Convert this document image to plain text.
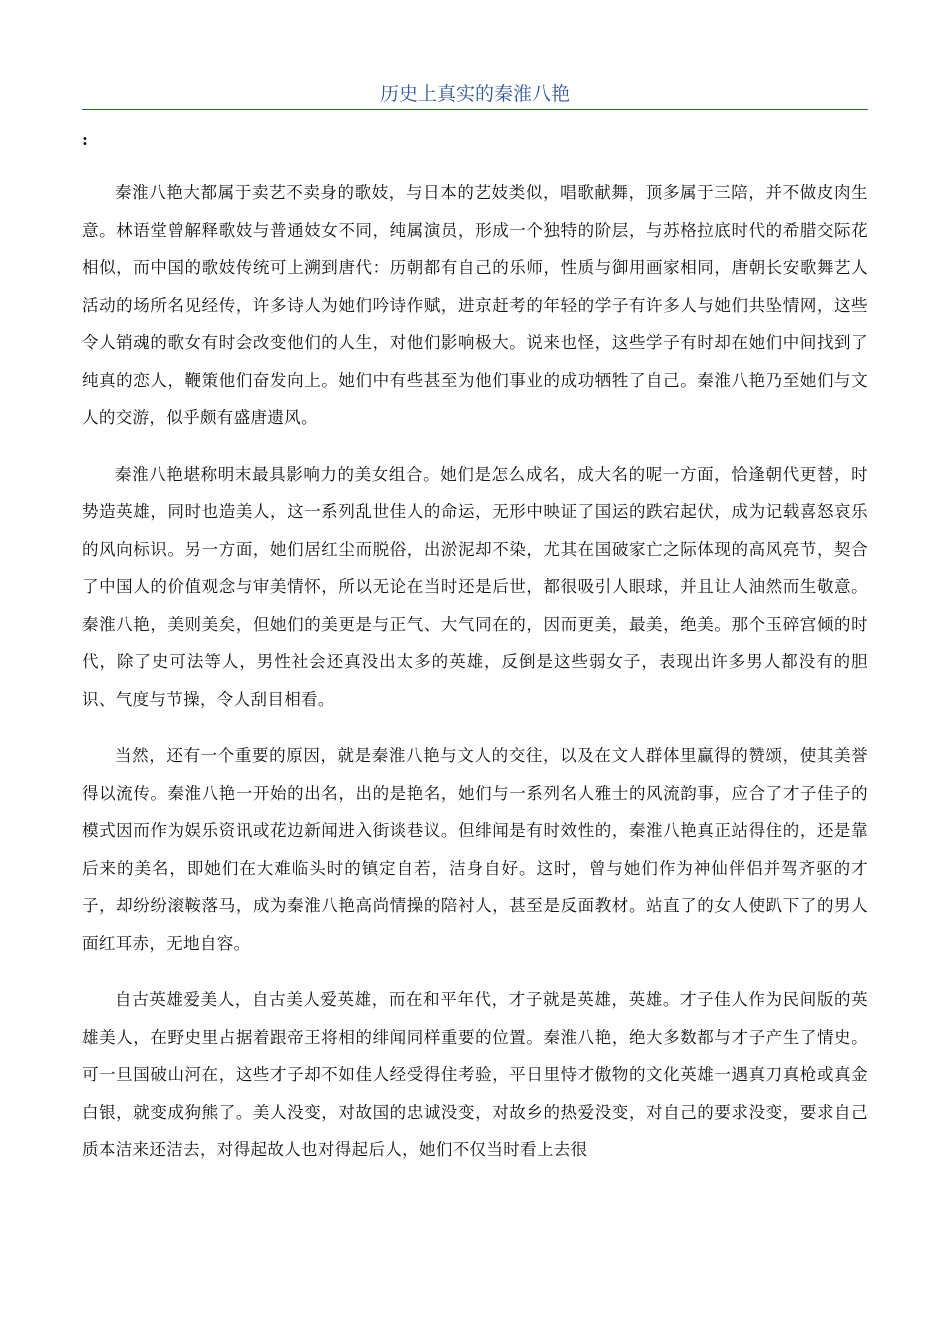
历史上真实的秦淮八艳
:

秦淮八艳大都属于卖艺不卖身的歌妓，与日本的艺妓类似，唱歌献舞，顶多属于三陪，并不做皮肉生意。林语堂曾解释歌妓与普通妓女不同，纯属演员，形成一个独特的阶层，与苏格拉底时代的希腊交际花相似，而中国的歌妓传统可上溯到唐代：历朝都有自己的乐师，性质与御用画家相同，唐朝长安歌舞艺人活动的场所名见经传，许多诗人为她们吟诗作赋，进京赶考的年轻的学子有许多人与她们共坠情网，这些令人销魂的歌女有时会改变他们的人生，对他们影响极大。说来也怪，这些学子有时却在她们中间找到了纯真的恋人，鞭策他们奋发向上。她们中有些甚至为他们事业的成功牺牲了自己。秦淮八艳乃至她们与文人的交游，似乎颇有盛唐遗风。

秦淮八艳堪称明末最具影响力的美女组合。她们是怎么成名，成大名的呢一方面，恰逢朝代更替，时势造英雄，同时也造美人，这一系列乱世佳人的命运，无形中映证了国运的跌宕起伏，成为记载喜怒哀乐的风向标识。另一方面，她们居红尘而脱俗，出淤泥却不染，尤其在国破家亡之际体现的高风亮节，契合了中国人的价值观念与审美情怀，所以无论在当时还是后世，都很吸引人眼球，并且让人油然而生敬意。秦淮八艳，美则美矣，但她们的美更是与正气、大气同在的，因而更美，最美，绝美。那个玉碎宫倾的时代，除了史可法等人，男性社会还真没出太多的英雄，反倒是这些弱女子，表现出许多男人都没有的胆识、气度与节操，令人刮目相看。

当然，还有一个重要的原因，就是秦淮八艳与文人的交往，以及在文人群体里赢得的赞颂，使其美誉得以流传。秦淮八艳一开始的出名，出的是艳名，她们与一系列名人雅士的风流韵事，应合了才子佳子的模式因而作为娱乐资讯或花边新闻进入街谈巷议。但绯闻是有时效性的，秦淮八艳真正站得住的，还是靠后来的美名，即她们在大难临头时的镇定自若，洁身自好。这时，曾与她们作为神仙伴侣并驾齐驱的才子，却纷纷滚鞍落马，成为秦淮八艳高尚情操的陪衬人，甚至是反面教材。站直了的女人使趴下了的男人面红耳赤，无地自容。

自古英雄爱美人，自古美人爱英雄，而在和平年代，才子就是英雄，英雄。才子佳人作为民间版的英雄美人，在野史里占据着跟帝王将相的绯闻同样重要的位置。秦淮八艳，绝大多数都与才子产生了情史。可一旦国破山河在，这些才子却不如佳人经受得住考验，平日里恃才傲物的文化英雄一遇真刀真枪或真金白银，就变成狗熊了。美人没变，对故国的忠诚没变，对故乡的热爱没变，对自己的要求没变，要求自己质本洁来还洁去，对得起故人也对得起后人，她们不仅当时看上去很
